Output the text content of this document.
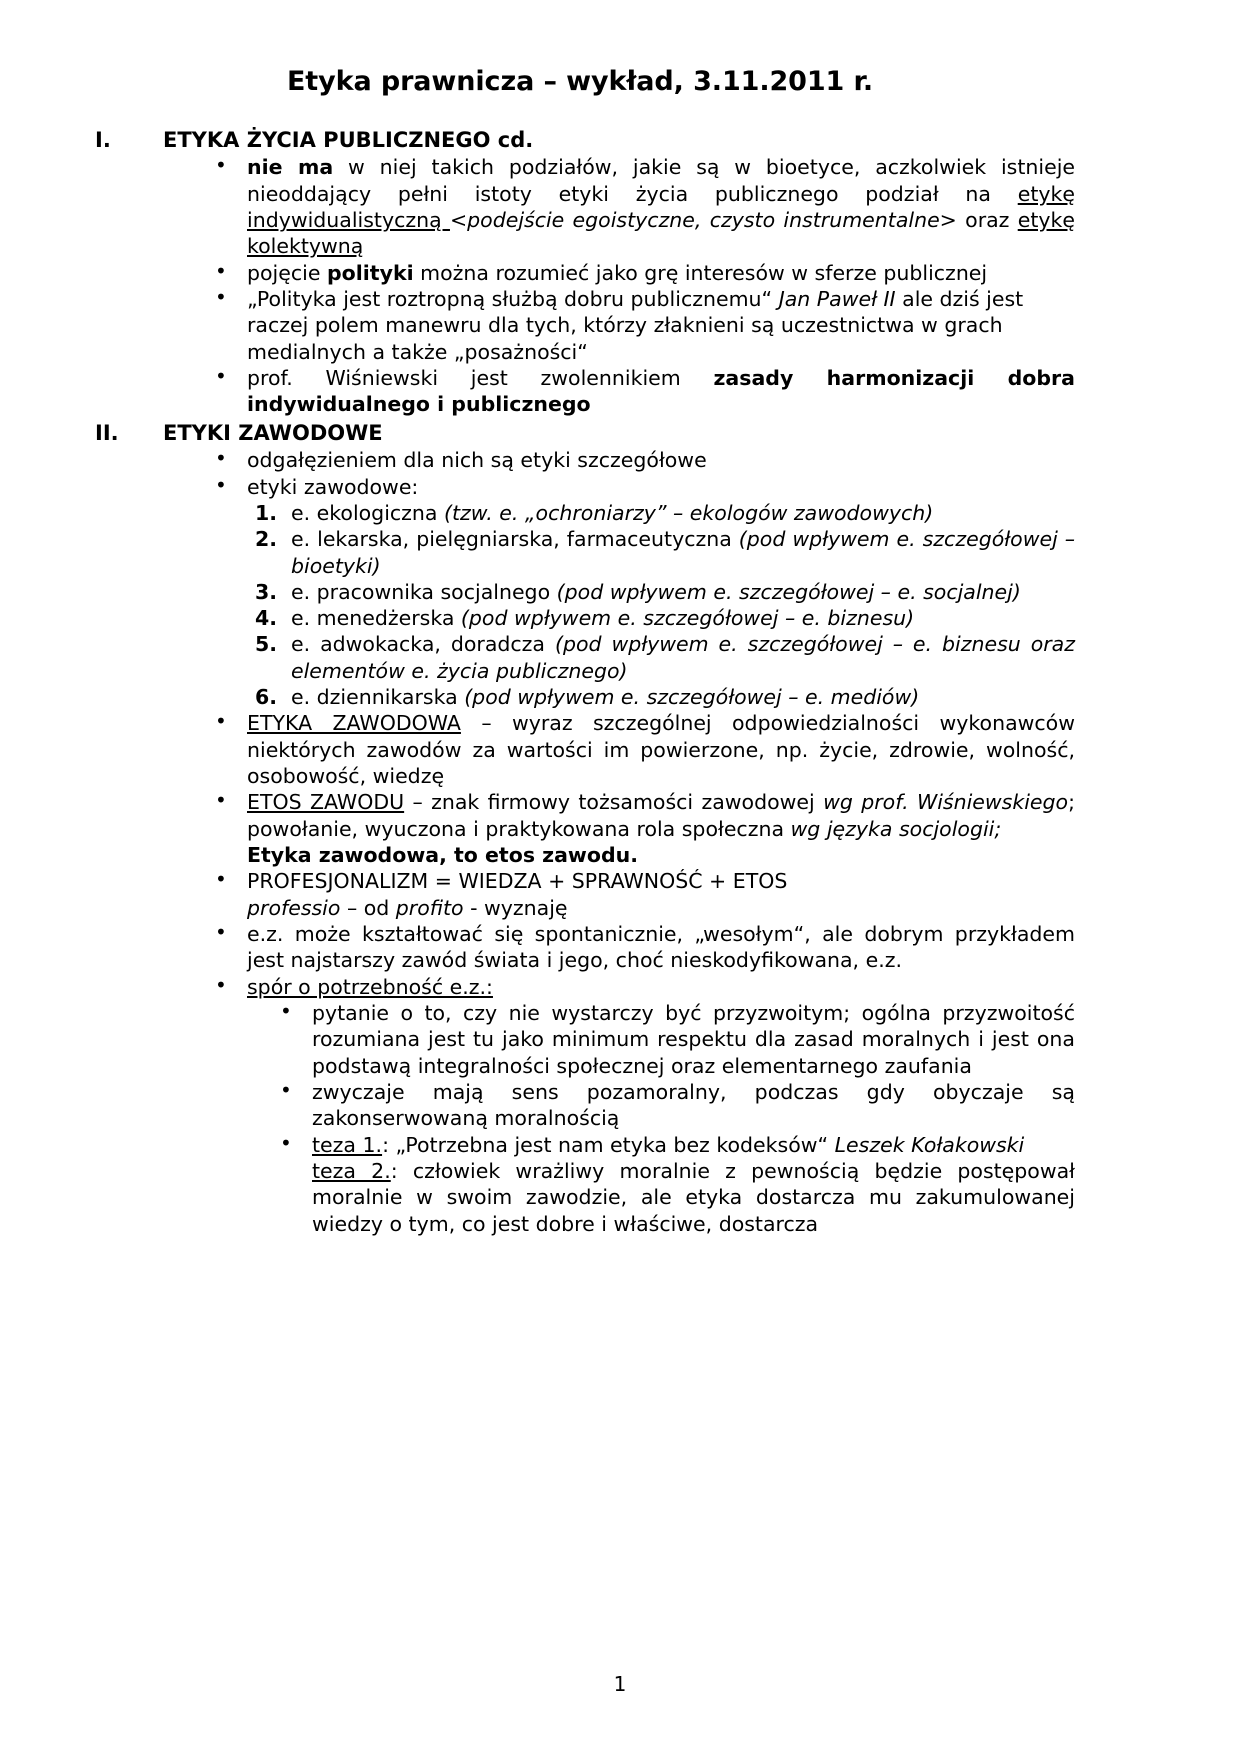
Etyka prawnicza – wykład, 3.11.2011 r.
I.	ETYKA ŻYCIA PUBLICZNEGO cd.
• nie ma w niej takich podziałów, jakie są w bioetyce, aczkolwiek istnieje nieoddający pełni istoty etyki życia publicznego podział na etykę indywidualistyczną <podejście egoistyczne, czysto instrumentalne> oraz etykę kolektywną
• pojęcie polityki można rozumieć jako grę interesów w sferze publicznej
• „Polityka jest roztropną służbą dobru publicznemu“ Jan Paweł II ale dziś jest raczej polem manewru dla tych, którzy złaknieni są uczestnictwa w grach medialnych a także „posażności“
• prof. Wiśniewski jest zwolennikiem zasady harmonizacji dobra indywidualnego i publicznego
II.	ETYKI ZAWODOWE
• odgałęzieniem dla nich są etyki szczegółowe
• etyki zawodowe:
e. ekologiczna (tzw. e. „ochroniarzy” – ekologów zawodowych)
e. lekarska, pielęgniarska, farmaceutyczna (pod wpływem e. szczegółowej – bioetyki)
e. pracownika socjalnego (pod wpływem e. szczegółowej – e. socjalnej)
e. menedżerska (pod wpływem e. szczegółowej – e. biznesu)
e. adwokacka, doradcza (pod wpływem e. szczegółowej – e. biznesu oraz elementów e. życia publicznego)
e. dziennikarska (pod wpływem e. szczegółowej – e. mediów)
• ETYKA ZAWODOWA – wyraz szczególnej odpowiedzialności wykonawców niektórych zawodów za wartości im powierzone, np. życie, zdrowie, wolność, osobowość, wiedzę
• ETOS ZAWODU – znak firmowy tożsamości zawodowej wg prof. Wiśniewskiego; powołanie, wyuczona i praktykowana rola społeczna wg języka socjologii;
Etyka zawodowa, to etos zawodu.
• PROFESJONALIZM = WIEDZA + SPRAWNOŚĆ + ETOS
professio – od profito - wyznaję
• e.z. może kształtować się spontanicznie, „wesołym“, ale dobrym przykładem jest najstarszy zawód świata i jego, choć nieskodyfikowana, e.z.
• spór o potrzebność e.z.:
• pytanie o to, czy nie wystarczy być przyzwoitym; ogólna przyzwoitość rozumiana jest tu jako minimum respektu dla zasad moralnych i jest ona podstawą integralności społecznej oraz elementarnego zaufania
• zwyczaje mają sens pozamoralny, podczas gdy obyczaje są zakonserwowaną moralnością
• teza 1.: „Potrzebna jest nam etyka bez kodeksów“ Leszek Kołakowski
teza 2.: człowiek wrażliwy moralnie z pewnością będzie postępował moralnie w swoim zawodzie, ale etyka dostarcza mu zakumulowanej wiedzy o tym, co jest dobre i właściwe, dostarcza
1
